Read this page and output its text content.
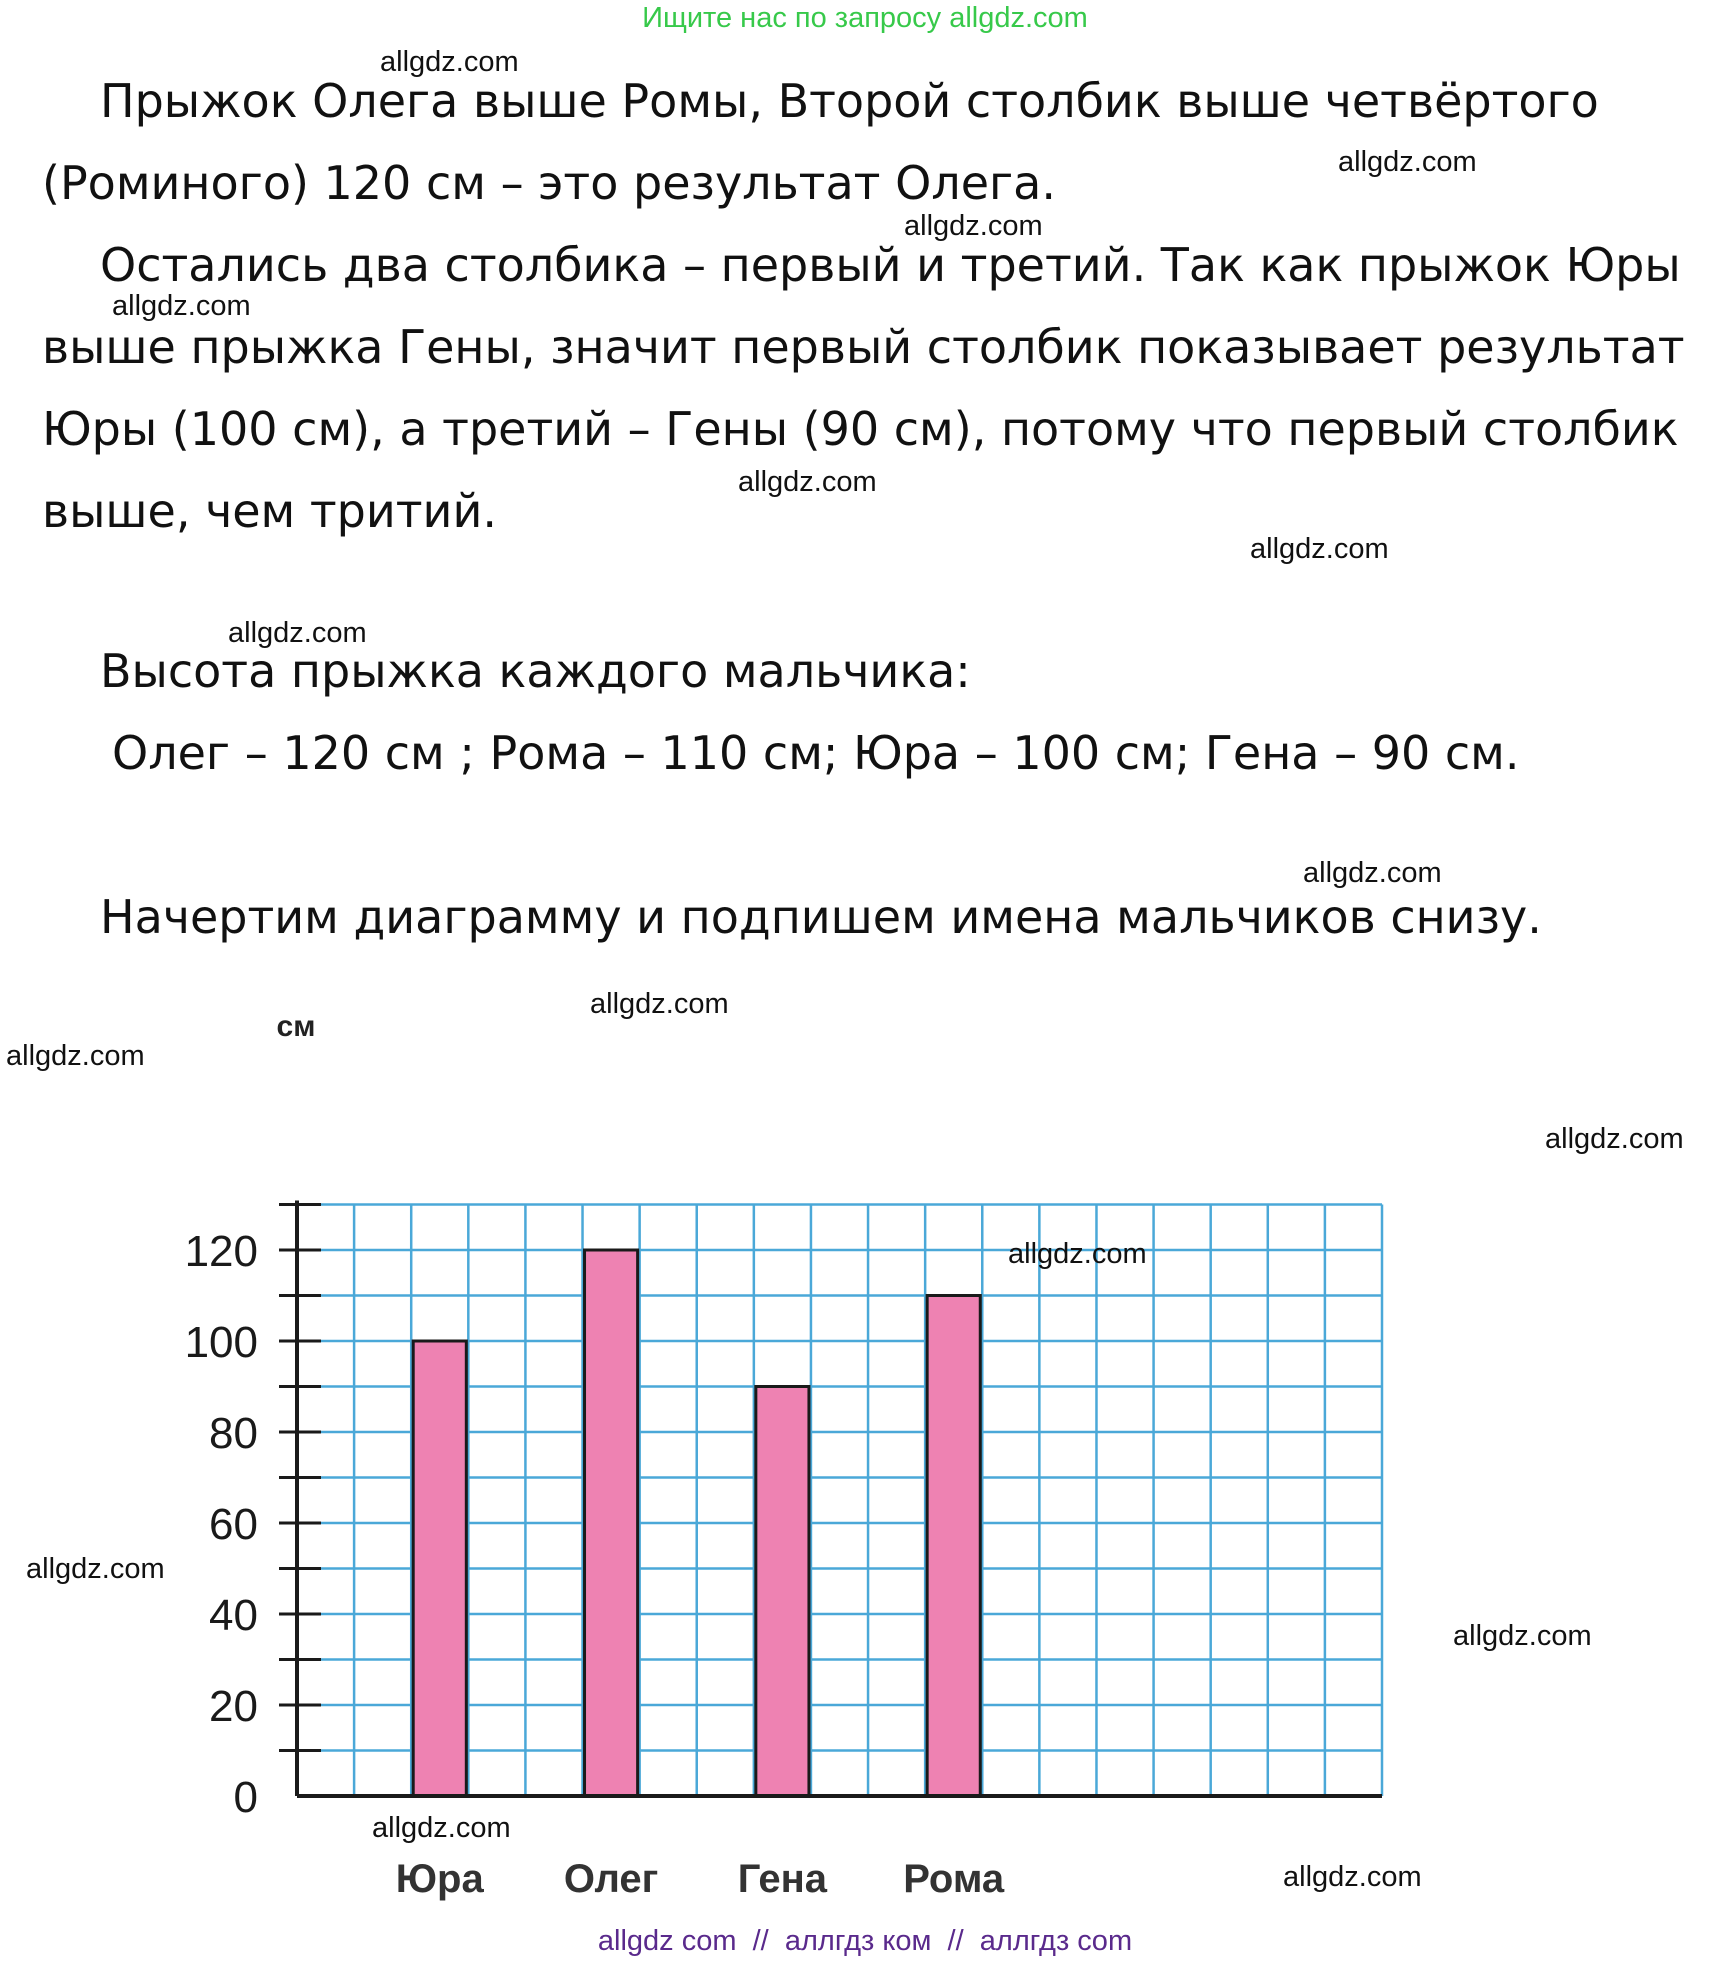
Ищите нас по запросу allgdz.com

Прыжок Олега выше Ромы, Второй столбик выше четвёртого (Роминого) 120 см – это результат Олега.

Остались два столбика – первый и третий. Так как прыжок Юры выше прыжка Гены, значит первый столбик показывает результат Юры (100 см), а третий – Гены (90 см), потому что первый столбик выше, чем тритий.

Высота прыжка каждого мальчика:
Олег – 120 см ; Рома – 110 см; Юра – 100 см; Гена – 90 см.
Начертим диаграмму и подпишем имена мальчиков снизу.
0
20
40
60
80
100
120
см
Юра Олег Гена Рома
allgdz.com
allgdz.com
allgdz.com
allgdz.com
allgdz.com
allgdz.com
allgdz.com
allgdz.com
allgdz.com
allgdz.com
allgdz.com
allgdz.com
allgdz.com
allgdz.com
allgdz.com
allgdz.com
allgdz com  //  аллгдз ком  //  аллгдз com
